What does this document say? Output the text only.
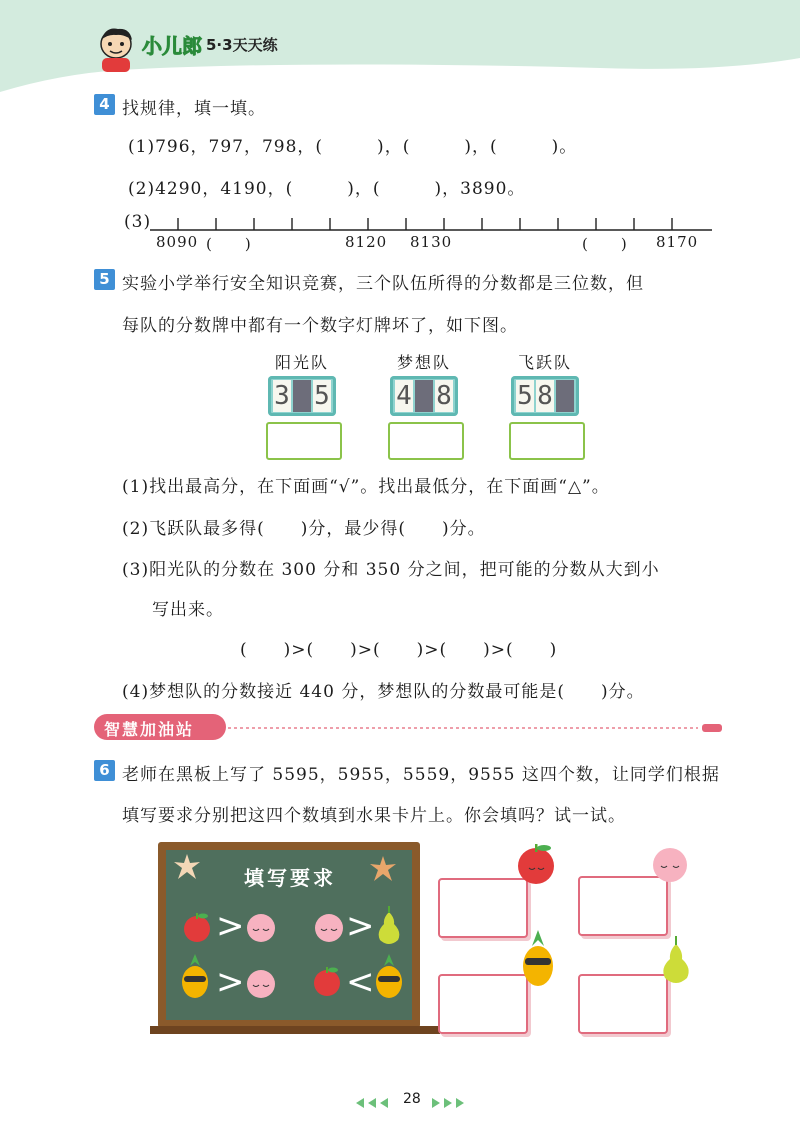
小儿郎 5·3天天练
4 找规律，填一填。
(1)796，797，798，(　　　)，(　　　)，(　　　)。
(2)4290，4190，(　　　)，(　　　)，3890。
(3)
8090 (　　)	8120 8130	(　　) 8170
5 实验小学举行安全知识竞赛，三个队伍所得的分数都是三位数，但
每队的分数牌中都有一个数字灯牌坏了，如下图。
阳光队
3 5
梦想队
4 8
飞跃队
5 8
(1)找出最高分，在下面画“√”。找出最低分，在下面画“△”。
(2)飞跃队最多得(　　)分，最少得(　　)分。
(3)阳光队的分数在 300 分和 350 分之间，把可能的分数从大到小
写出来。
(　　)>(　　)>(　　)>(　　)>(　　)
(4)梦想队的分数接近 440 分，梦想队的分数最可能是(　　)分。
智慧加油站
6 老师在黑板上写了 5595，5955，5559，9555 这四个数，让同学们根据
填写要求分别把这四个数填到水果卡片上。你会填吗？试一试。
填写要求
>	>
>	<
28
